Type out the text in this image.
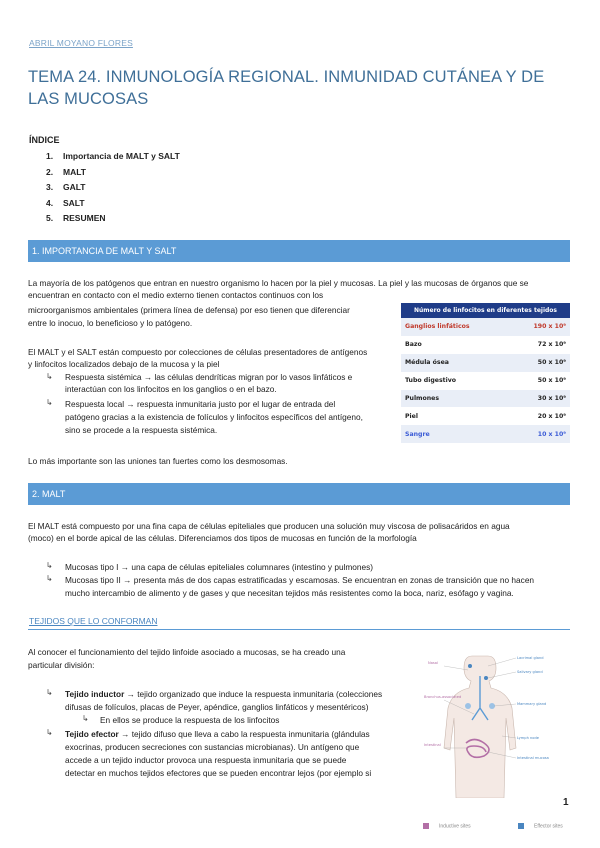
ABRIL MOYANO FLORES
TEMA 24. INMUNOLOGÍA REGIONAL. INMUNIDAD CUTÁNEA Y DE LAS MUCOSAS
ÍNDICE
1. Importancia de MALT y SALT
2. MALT
3. GALT
4. SALT
5. RESUMEN
1. IMPORTANCIA DE MALT Y SALT
La mayoría de los patógenos que entran en nuestro organismo lo hacen por la piel y mucosas. La piel y las mucosas de órganos que se
encuentran en contacto con el medio externo tienen contactos continuos con los
microorganismos ambientales (primera línea de defensa) por eso tienen que diferenciar
entre lo inocuo, lo beneficioso y lo patógeno.
El MALT y el SALT están compuesto por colecciones de células presentadores de antígenos
y linfocitos localizados debajo de la mucosa y la piel
↳ Respuesta sistémica → las células dendríticas migran por lo vasos linfáticos e
interactúan con los linfocitos en los ganglios o en el bazo.
↳ Respuesta local → respuesta inmunitaria justo por el lugar de entrada del
patógeno gracias a la existencia de folículos y linfocitos específicos del antígeno,
sino se procede a la respuesta sistémica.
Lo más importante son las uniones tan fuertes como los desmosomas.
Número de linfocitos en diferentes tejidos	
Ganglios linfáticos	190 x 10⁹
Bazo	72 x 10⁹
Médula ósea	50 x 10⁹
Tubo digestivo	50 x 10⁹
Pulmones	30 x 10⁹
Piel	20 x 10⁹
Sangre	10 x 10⁹
2. MALT
El MALT está compuesto por una fina capa de células epiteliales que producen una solución muy viscosa de polisacáridos en agua
(moco) en el borde apical de las células. Diferenciamos dos tipos de mucosas en función de la morfología
↳ Mucosas tipo I → una capa de células epiteliales columnares (intestino y pulmones)
↳ Mucosas tipo II → presenta más de dos capas estratificadas y escamosas. Se encuentran en zonas de transición que no hacen
mucho intercambio de alimento y de gases y que necesitan tejidos más resistentes como la boca, nariz, esófago y vagina.
TEJIDOS QUE LO CONFORMAN
Al conocer el funcionamiento del tejido linfoide asociado a mucosas, se ha creado una
particular división:
↳ Tejido inductor → tejido organizado que induce la respuesta inmunitaria (colecciones
difusas de folículos, placas de Peyer, apéndice, ganglios linfáticos y mesentéricos)
↳ En ellos se produce la respuesta de los linfocitos
↳ Tejido efector → tejido difuso que lleva a cabo la respuesta inmunitaria (glándulas
exocrinas, producen secreciones con sustancias microbianas). Un antígeno que
accede a un tejido inductor provoca una respuesta inmunitaria que se puede
detectar en muchos tejidos efectores que se pueden encontrar lejos (por ejemplo si
Nasal
Bronchus-associated
Intestinal
Lacrimal gland
Salivary gland
Mammary gland
Lymph node
Intestinal mucosa
1
Inductive sites	Effector sites
